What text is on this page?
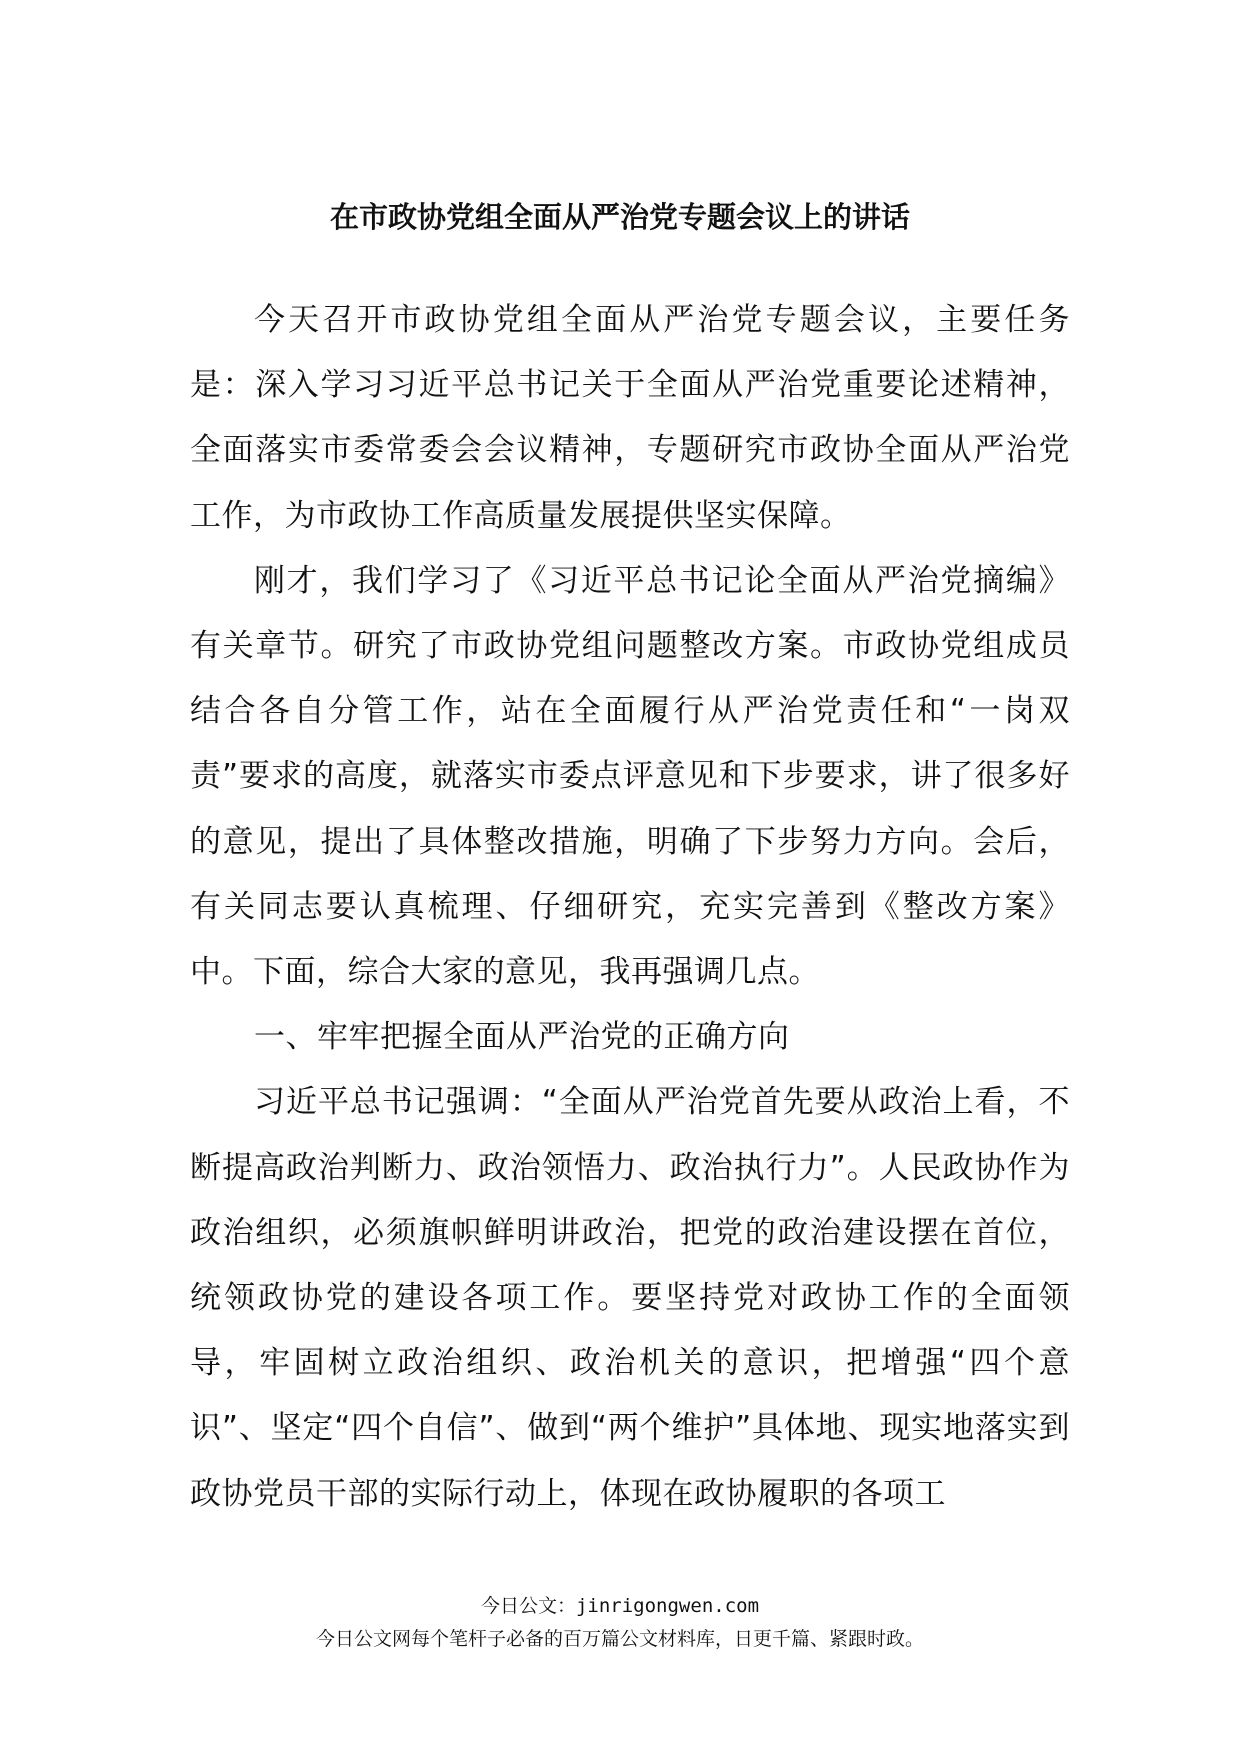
在市政协党组全面从严治党专题会议上的讲话

今天召开市政协党组全面从严治党专题会议，主要任务是：深入学习习近平总书记关于全面从严治党重要论述精神，全面落实市委常委会会议精神，专题研究市政协全面从严治党工作，为市政协工作高质量发展提供坚实保障。

刚才，我们学习了《习近平总书记论全面从严治党摘编》有关章节。研究了市政协党组问题整改方案。市政协党组成员结合各自分管工作，站在全面履行从严治党责任和“一岗双责”要求的高度，就落实市委点评意见和下步要求，讲了很多好的意见，提出了具体整改措施，明确了下步努力方向。会后，有关同志要认真梳理、仔细研究，充实完善到《整改方案》中。下面，综合大家的意见，我再强调几点。

一、牢牢把握全面从严治党的正确方向

习近平总书记强调：“全面从严治党首先要从政治上看，不断提高政治判断力、政治领悟力、政治执行力”。人民政协作为政治组织，必须旗帜鲜明讲政治，把党的政治建设摆在首位，统领政协党的建设各项工作。要坚持党对政协工作的全面领导，牢固树立政治组织、政治机关的意识，把增强“四个意识”、坚定“四个自信”、做到“两个维护”具体地、现实地落实到政协党员干部的实际行动上，体现在政协履职的各项工

今日公文：jinrigongwen.com
今日公文网每个笔杆子必备的百万篇公文材料库，日更千篇、紧跟时政。
